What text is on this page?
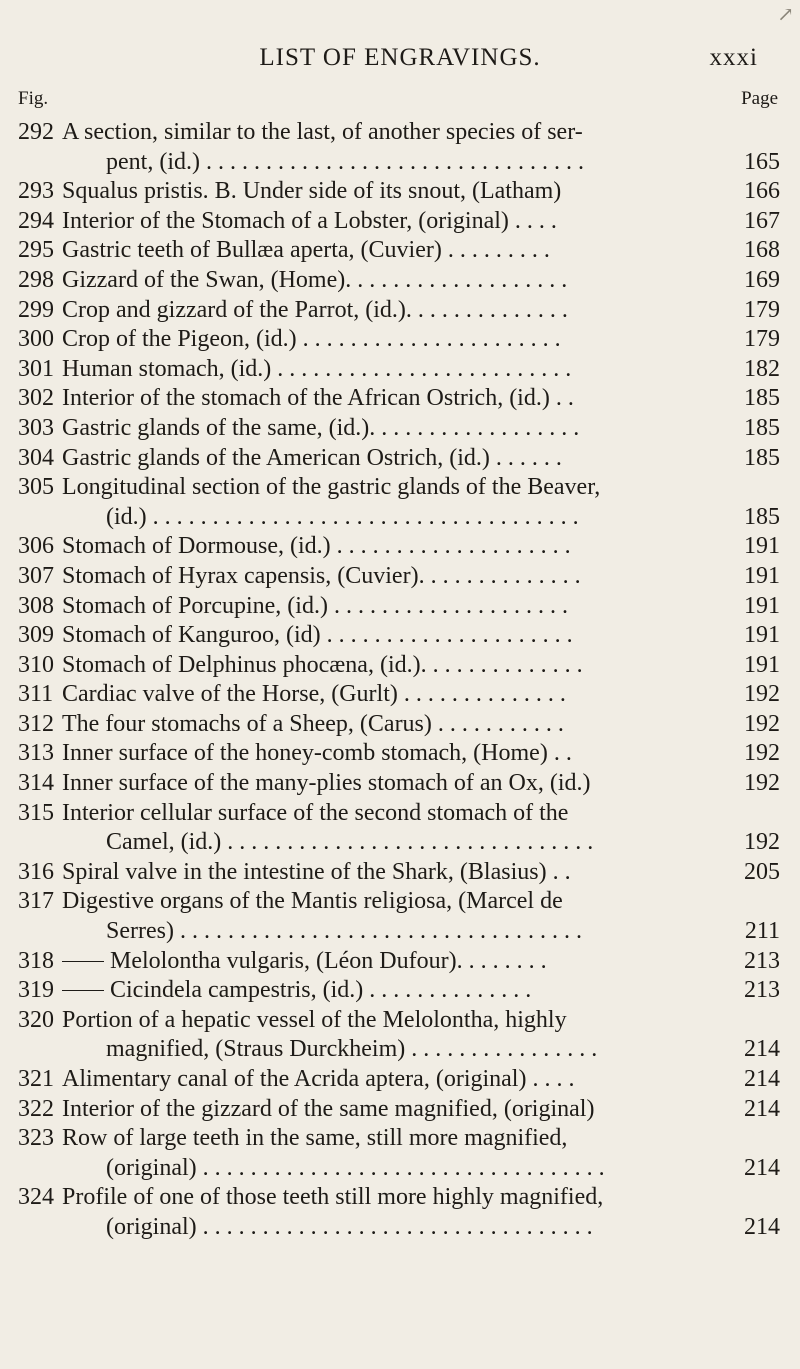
↗
LIST OF ENGRAVINGS.	xxxi
Fig.	Page
292 A section, similar to the last, of another species of ser-
pent, (id.) . . . . . . . . . . . . . . . . . . . . . . . . . . . . . . . .	165
293 Squalus pristis. B. Under side of its snout, (Latham)	166
294 Interior of the Stomach of a Lobster, (original) . . . .	167
295 Gastric teeth of Bullæa aperta, (Cuvier) . . . . . . . . .	168
298 Gizzard of the Swan, (Home). . . . . . . . . . . . . . . . . . .	169
299 Crop and gizzard of the Parrot, (id.). . . . . . . . . . . . . .	179
300 Crop of the Pigeon, (id.) . . . . . . . . . . . . . . . . . . . . . .	179
301 Human stomach, (id.) . . . . . . . . . . . . . . . . . . . . . . . . .	182
302 Interior of the stomach of the African Ostrich, (id.) . .	185
303 Gastric glands of the same, (id.). . . . . . . . . . . . . . . . . .	185
304 Gastric glands of the American Ostrich, (id.) . . . . . .	185
305 Longitudinal section of the gastric glands of the Beaver,
(id.) . . . . . . . . . . . . . . . . . . . . . . . . . . . . . . . . . . . .	185
306 Stomach of Dormouse, (id.) . . . . . . . . . . . . . . . . . . . .	191
307 Stomach of Hyrax capensis, (Cuvier). . . . . . . . . . . . . .	191
308 Stomach of Porcupine, (id.) . . . . . . . . . . . . . . . . . . . .	191
309 Stomach of Kanguroo, (id) . . . . . . . . . . . . . . . . . . . . .	191
310 Stomach of Delphinus phocæna, (id.). . . . . . . . . . . . . .	191
311 Cardiac valve of the Horse, (Gurlt) . . . . . . . . . . . . . .	192
312 The four stomachs of a Sheep, (Carus) . . . . . . . . . . .	192
313 Inner surface of the honey-comb stomach, (Home) . .	192
314 Inner surface of the many-plies stomach of an Ox, (id.)	192
315 Interior cellular surface of the second stomach of the
Camel, (id.) . . . . . . . . . . . . . . . . . . . . . . . . . . . . . . .	192
316 Spiral valve in the intestine of the Shark, (Blasius) . .	205
317 Digestive organs of the Mantis religiosa, (Marcel de
Serres) . . . . . . . . . . . . . . . . . . . . . . . . . . . . . . . . . .	211
318 Melolontha vulgaris, (Léon Dufour). . . . . . . .	213
319 Cicindela campestris, (id.) . . . . . . . . . . . . . .	213
320 Portion of a hepatic vessel of the Melolontha, highly
magnified, (Straus Durckheim) . . . . . . . . . . . . . . . .	214
321 Alimentary canal of the Acrida aptera, (original) . . . .	214
322 Interior of the gizzard of the same magnified, (original)	214
323 Row of large teeth in the same, still more magnified,
(original) . . . . . . . . . . . . . . . . . . . . . . . . . . . . . . . . . .	214
324 Profile of one of those teeth still more highly magnified,
(original) . . . . . . . . . . . . . . . . . . . . . . . . . . . . . . . . .	214
